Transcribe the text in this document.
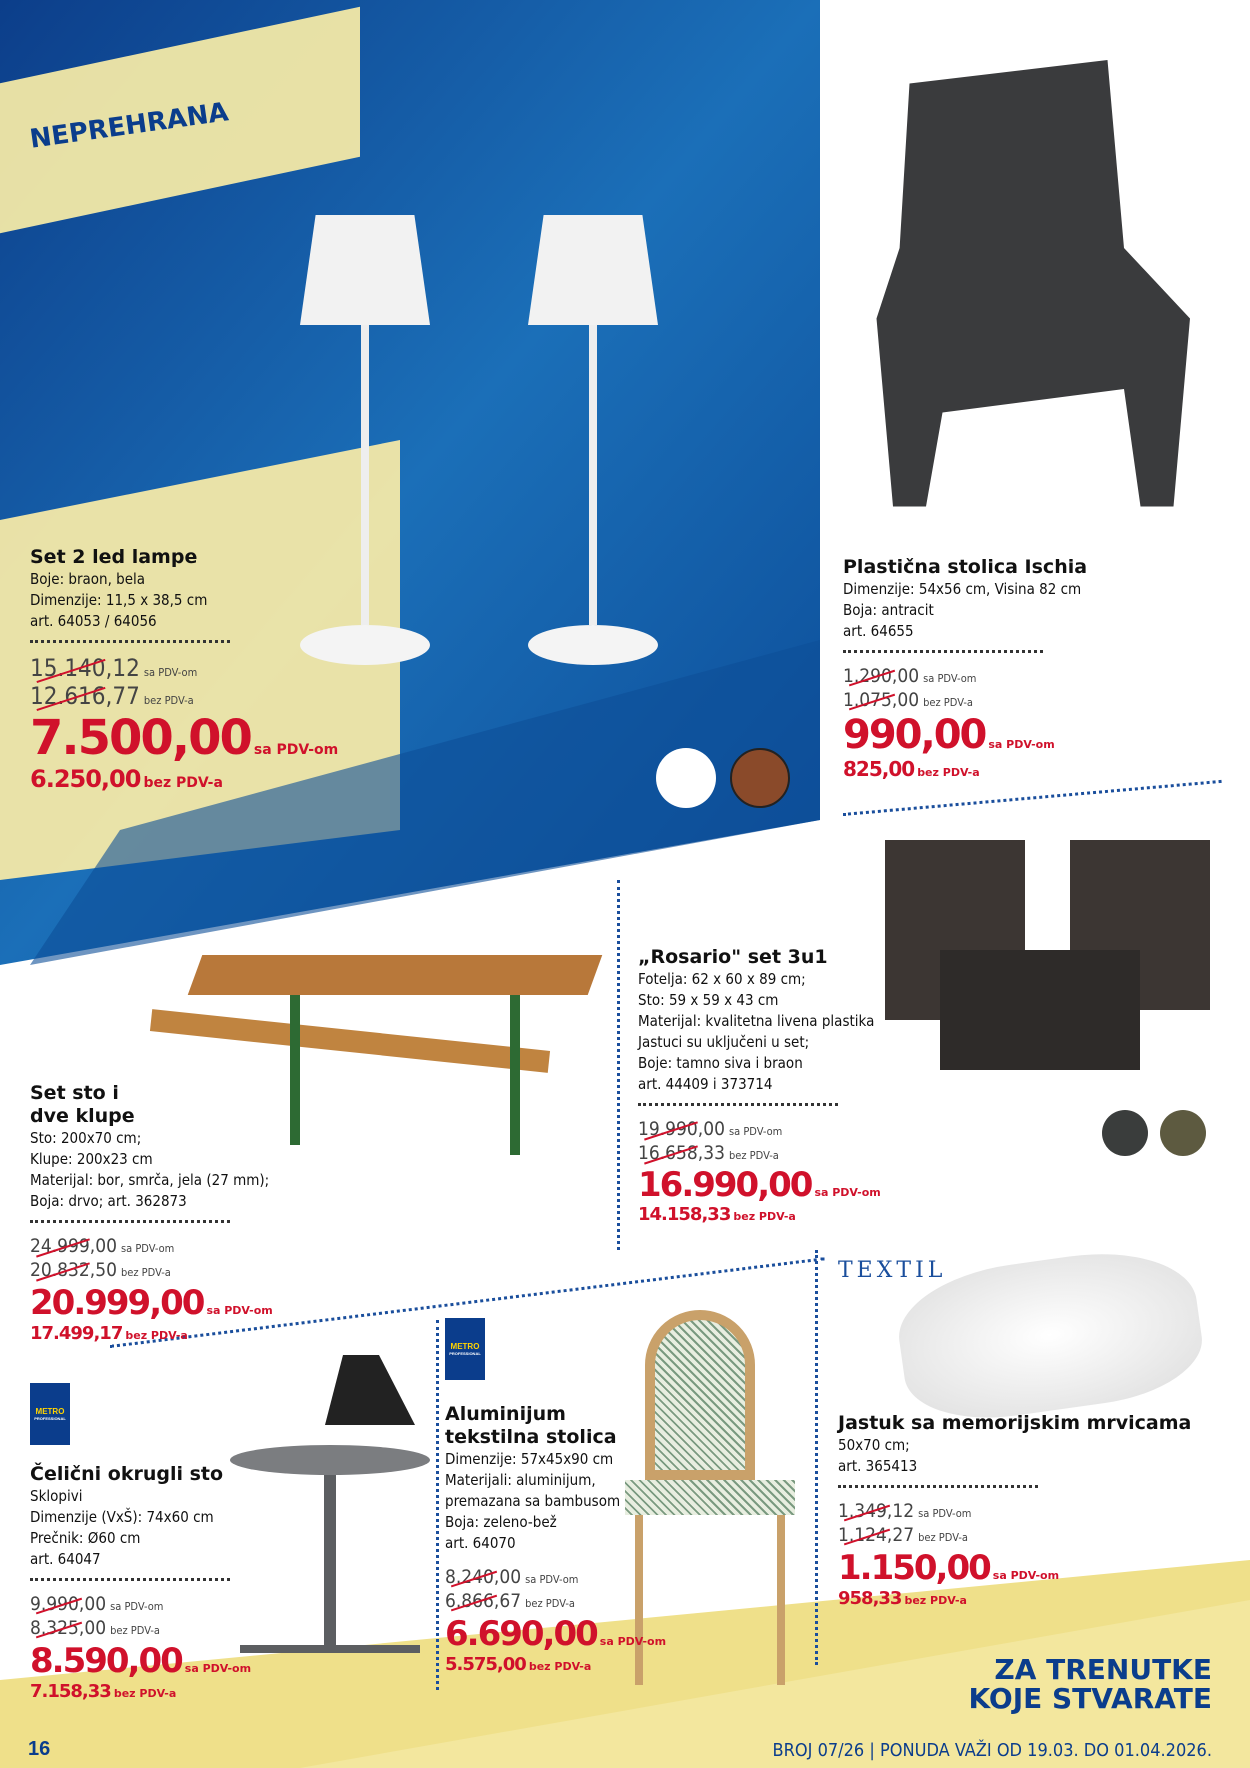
NEPREHRANA
METRO
PROFESSIONAL
METRO
PROFESSIONAL
TEXTIL
Set 2 led lampe
Boje: braon, bela
Dimenzije: 11,5 x 38,5 cm
art. 64053 / 64056
15.140,12 sa PDV-om
12.616,77 bez PDV-a
7.500,00 sa PDV-om
6.250,00 bez PDV-a
Plastična stolica Ischia
Dimenzije: 54x56 cm, Visina 82 cm
Boja: antracit
art. 64655
1.290,00 sa PDV-om
1.075,00 bez PDV-a
990,00 sa PDV-om
825,00 bez PDV-a
„Rosario" set 3u1
Fotelja: 62 x 60 x 89 cm;
Sto: 59 x 59 x 43 cm
Materijal: kvalitetna livena plastika
Jastuci su uključeni u set;
Boje: tamno siva i braon
art. 44409 i 373714
19.990,00 sa PDV-om
16.658,33 bez PDV-a
16.990,00 sa PDV-om
14.158,33 bez PDV-a
Set sto i dve klupe
Sto: 200x70 cm;
Klupe: 200x23 cm
Materijal: bor, smrča, jela (27 mm);
Boja: drvo; art. 362873
24.999,00 sa PDV-om
20.832,50 bez PDV-a
20.999,00 sa PDV-om
17.499,17 bez PDV-a
Čelični okrugli sto
Sklopivi
Dimenzije (VxŠ): 74x60 cm
Prečnik: Ø60 cm
art. 64047
9.990,00 sa PDV-om
8.325,00 bez PDV-a
8.590,00 sa PDV-om
7.158,33 bez PDV-a
Aluminijum tekstilna stolica
Dimenzije: 57x45x90 cm
Materijali: aluminijum,
premazana sa bambusom
Boja: zeleno-bež
art. 64070
8.240,00 sa PDV-om
6.866,67 bez PDV-a
6.690,00 sa PDV-om
5.575,00 bez PDV-a
Jastuk sa memorijskim mrvicama
50x70 cm;
art. 365413
1.349,12 sa PDV-om
1.124,27 bez PDV-a
1.150,00 sa PDV-om
958,33 bez PDV-a
ZA TRENUTKE
KOJE STVARATE
BROJ 07/26 | PONUDA VAŽI OD 19.03. DO 01.04.2026.
16
